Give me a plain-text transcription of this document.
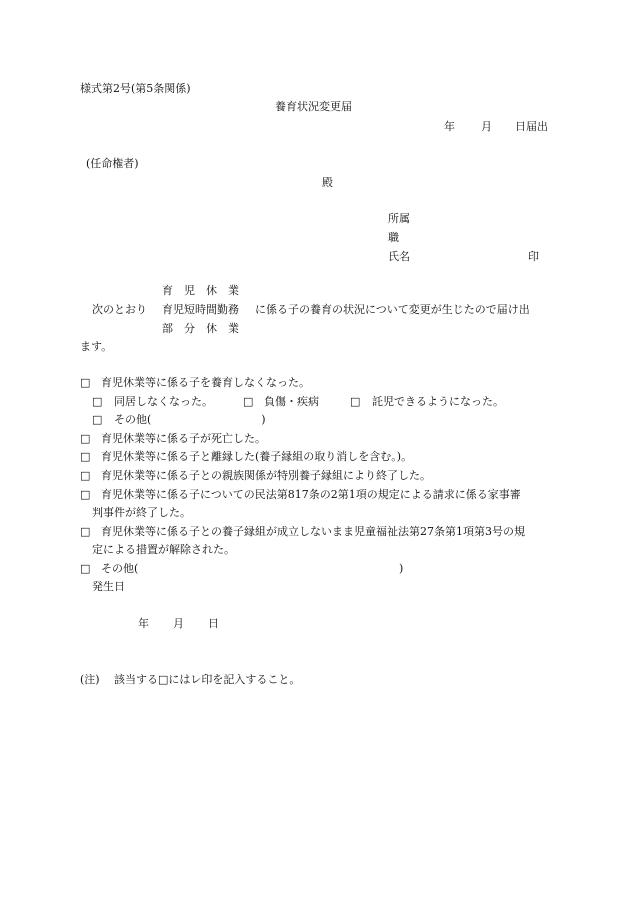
様式第2号(第5条関係)
養育状況変更届
年 月 日届出
(任命権者)
殿
所属
職
氏名	印
育　児　休　業
次のとおり 育児短時間勤務 に係る子の養育の状況について変更が生じたので届け出
部　分　休　業
ます。
□ 育児休業等に係る子を養育しなくなった。
□ 同居しなくなった。	□ 負傷・疾病	□ 託児できるようになった。
□ その他(　　　　　　　　　　)
□ 育児休業等に係る子が死亡した。
□ 育児休業等に係る子と離縁した(養子縁組の取り消しを含む。)。
□ 育児休業等に係る子との親族関係が特別養子縁組により終了した。
□ 育児休業等に係る子についての民法第817条の2第1項の規定による請求に係る家事審
判事件が終了した。
□ 育児休業等に係る子との養子縁組が成立しないまま児童福祉法第27条第1項第3号の規
定による措置が解除された。
□ その他(	)
発生日
年 月 日
(注) 該当する□にはレ印を記入すること。
